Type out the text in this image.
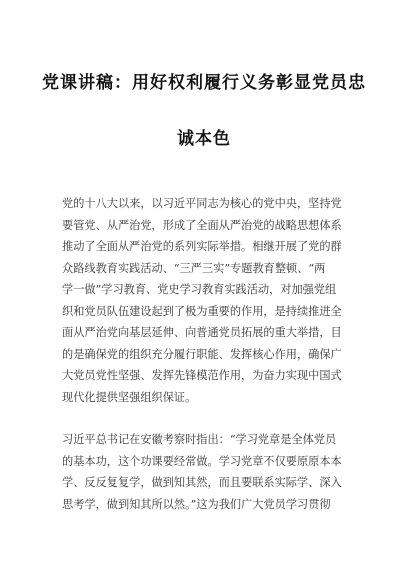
党课讲稿：用好权利履行义务彰显党员忠
诚本色
党的十八大以来，以习近平同志为核心的党中央，坚持党
要管党、从严治党，形成了全面从严治党的战略思想体系
推动了全面从严治党的系列实际举措。相继开展了党的群
众路线教育实践活动、“三严三实”专题教育整顿、“两
学一做”学习教育、党史学习教育实践活动，对加强党组
织和党员队伍建设起到了极为重要的作用，是持续推进全
面从严治党向基层延伸、向普通党员拓展的重大举措，目
的是确保党的组织充分履行职能、发挥核心作用，确保广
大党员党性坚强、发挥先锋模范作用，为奋力实现中国式
现代化提供坚强组织保证。
习近平总书记在安徽考察时指出：“学习党章是全体党员
的基本功，这个功课要经常做。学习党章不仅要原原本本
学、反反复复学，做到知其然，而且要联系实际学、深入
思考学，做到知其所以然。”这为我们广大党员学习贯彻
